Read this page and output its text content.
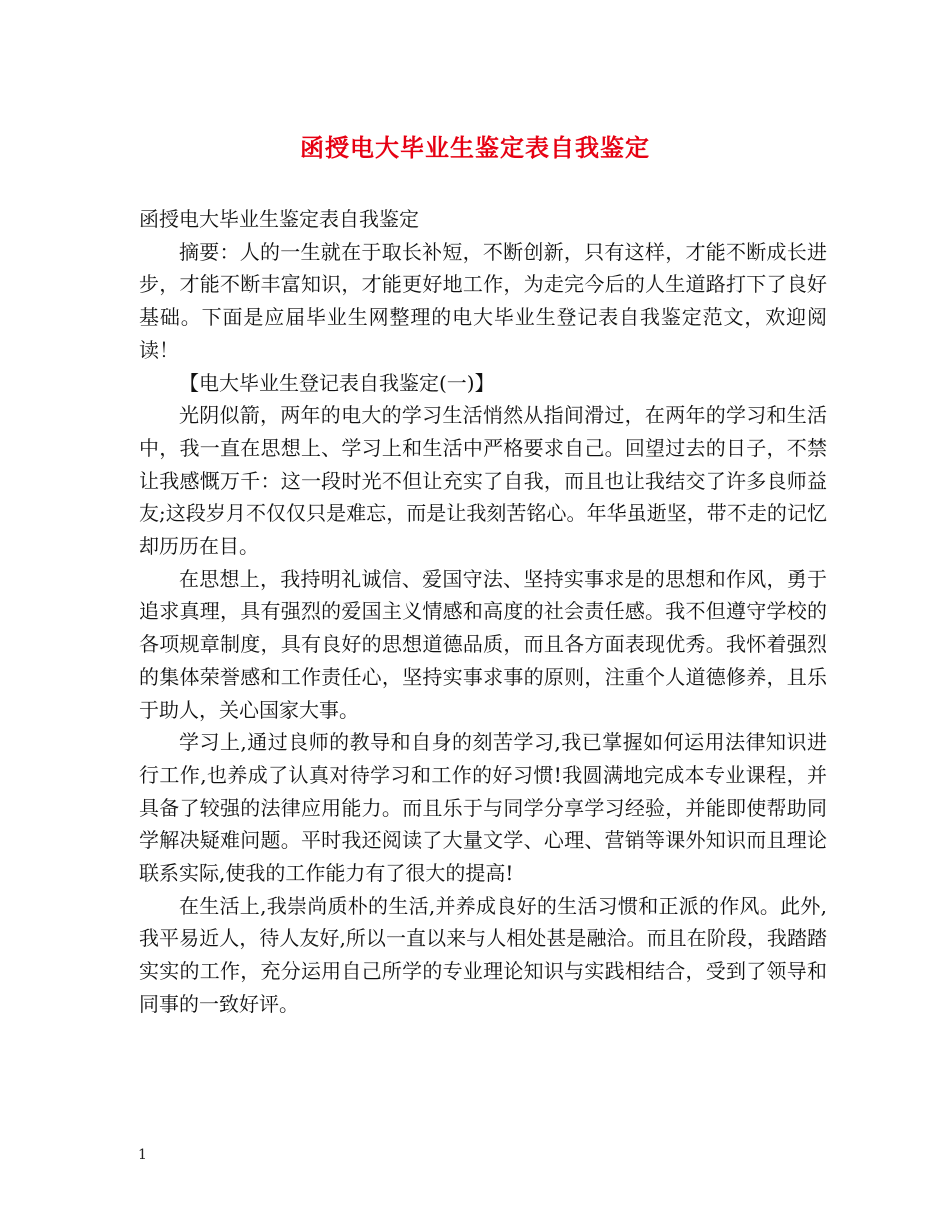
函授电大毕业生鉴定表自我鉴定

函授电大毕业生鉴定表自我鉴定

摘要：人的一生就在于取长补短，不断创新，只有这样，才能不断成长进步，才能不断丰富知识，才能更好地工作，为走完今后的人生道路打下了良好基础。下面是应届毕业生网整理的电大毕业生登记表自我鉴定范文，欢迎阅读！

【电大毕业生登记表自我鉴定(一)】

光阴似箭，两年的电大的学习生活悄然从指间滑过，在两年的学习和生活中，我一直在思想上、学习上和生活中严格要求自己。回望过去的日子，不禁让我感慨万千：这一段时光不但让充实了自我，而且也让我结交了许多良师益友;这段岁月不仅仅只是难忘，而是让我刻苦铭心。年华虽逝坚，带不走的记忆却历历在目。

在思想上，我持明礼诚信、爱国守法、坚持实事求是的思想和作风，勇于追求真理，具有强烈的爱国主义情感和高度的社会责任感。我不但遵守学校的各项规章制度，具有良好的思想道德品质，而且各方面表现优秀。我怀着强烈的集体荣誉感和工作责任心，坚持实事求事的原则，注重个人道德修养，且乐于助人，关心国家大事。

学习上,通过良师的教导和自身的刻苦学习,我已掌握如何运用法律知识进行工作,也养成了认真对待学习和工作的好习惯!我圆满地完成本专业课程，并具备了较强的法律应用能力。而且乐于与同学分享学习经验，并能即使帮助同学解决疑难问题。平时我还阅读了大量文学、心理、营销等课外知识而且理论联系实际,使我的工作能力有了很大的提高!

在生活上,我崇尚质朴的生活,并养成良好的生活习惯和正派的作风。此外,我平易近人，待人友好,所以一直以来与人相处甚是融洽。而且在阶段，我踏踏实实的工作，充分运用自己所学的专业理论知识与实践相结合，受到了领导和同事的一致好评。

1
